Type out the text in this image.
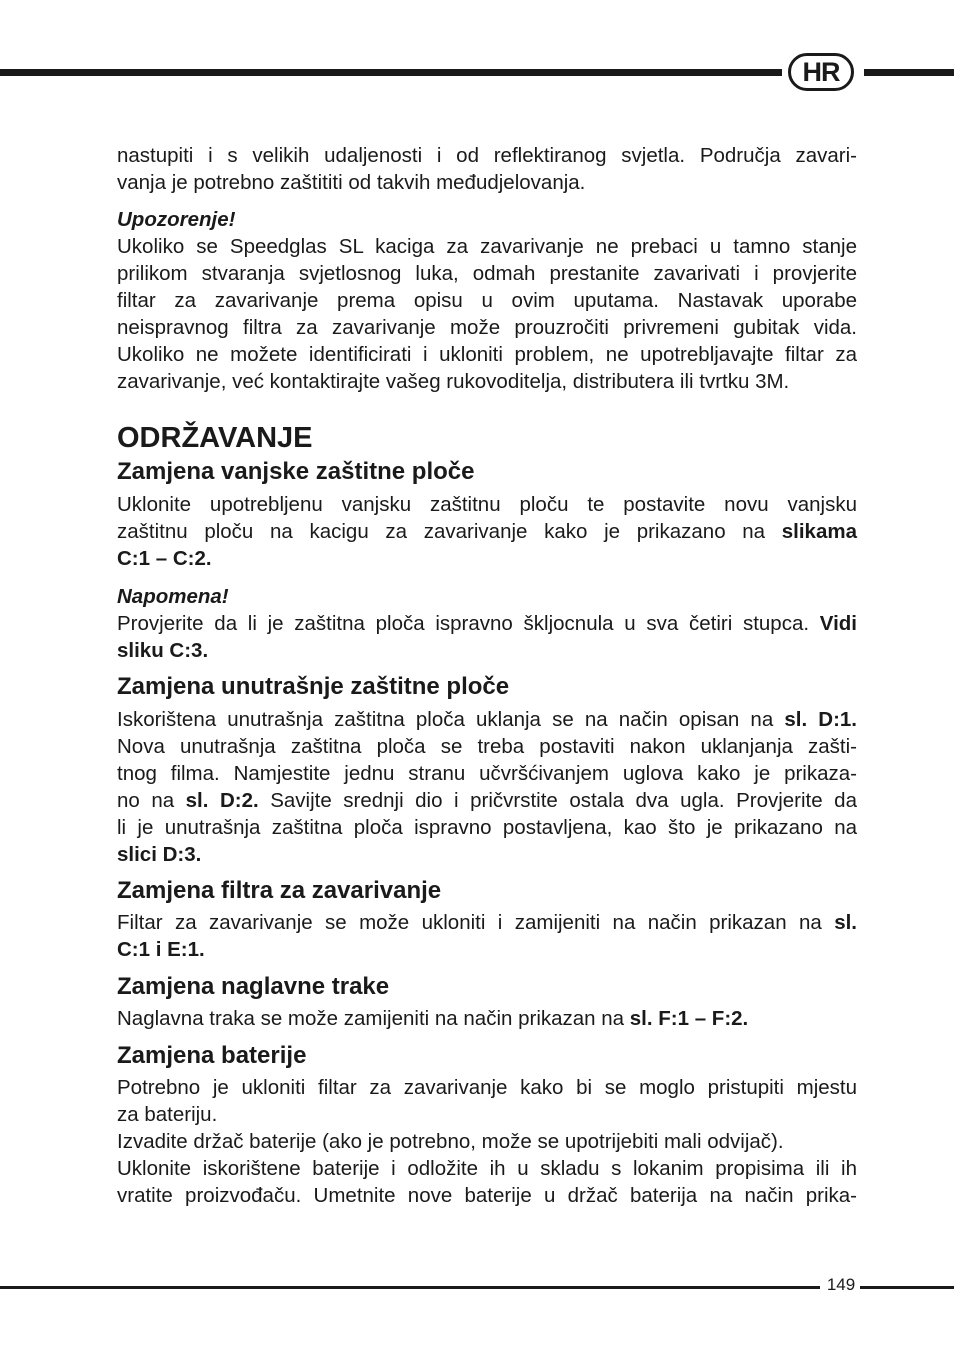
HR

nastupiti i s velikih udaljenosti i od reflektiranog svjetla. Područja zavari-
vanja je potrebno zaštititi od takvih međudjelovanja.

Upozorenje!

Ukoliko se Speedglas SL kaciga za zavarivanje ne prebaci u tamno stanje
prilikom stvaranja svjetlosnog luka, odmah prestanite zavarivati i provjerite
filtar za zavarivanje prema opisu u ovim uputama. Nastavak uporabe
neispravnog filtra za zavarivanje može prouzročiti privremeni gubitak vida.
Ukoliko ne možete identificirati i ukloniti problem, ne upotrebljavajte filtar za
zavarivanje, već kontaktirajte vašeg rukovoditelja, distributera ili tvrtku 3M.

ODRŽAVANJE
Zamjena vanjske zaštitne ploče

Uklonite upotrebljenu vanjsku zaštitnu ploču te postavite novu vanjsku
zaštitnu ploču na kacigu za zavarivanje kako je prikazano na slikama
C:1 – C:2.

Napomena!

Provjerite da li je zaštitna ploča ispravno škljocnula u sva četiri stupca. Vidi
sliku C:3.

Zamjena unutrašnje zaštitne ploče

Iskorištena unutrašnja zaštitna ploča uklanja se na način opisan na sl. D:1.
Nova unutrašnja zaštitna ploča se treba postaviti nakon uklanjanja zašti-
tnog filma. Namjestite jednu stranu učvršćivanjem uglova kako je prikaza-
no na sl. D:2. Savijte srednji dio i pričvrstite ostala dva ugla. Provjerite da
li je unutrašnja zaštitna ploča ispravno postavljena, kao što je prikazano na
slici D:3.

Zamjena filtra za zavarivanje

Filtar za zavarivanje se može ukloniti i zamijeniti na način prikazan na sl.
C:1 i E:1.

Zamjena naglavne trake

Naglavna traka se može zamijeniti na način prikazan na sl. F:1 – F:2.

Zamjena baterije

Potrebno je ukloniti filtar za zavarivanje kako bi se moglo pristupiti mjestu
za bateriju.
Izvadite držač baterije (ako je potrebno, može se upotrijebiti mali odvijač).
Uklonite iskorištene baterije i odložite ih u skladu s lokanim propisima ili ih
vratite proizvođaču. Umetnite nove baterije u držač baterija na način prika-

149
